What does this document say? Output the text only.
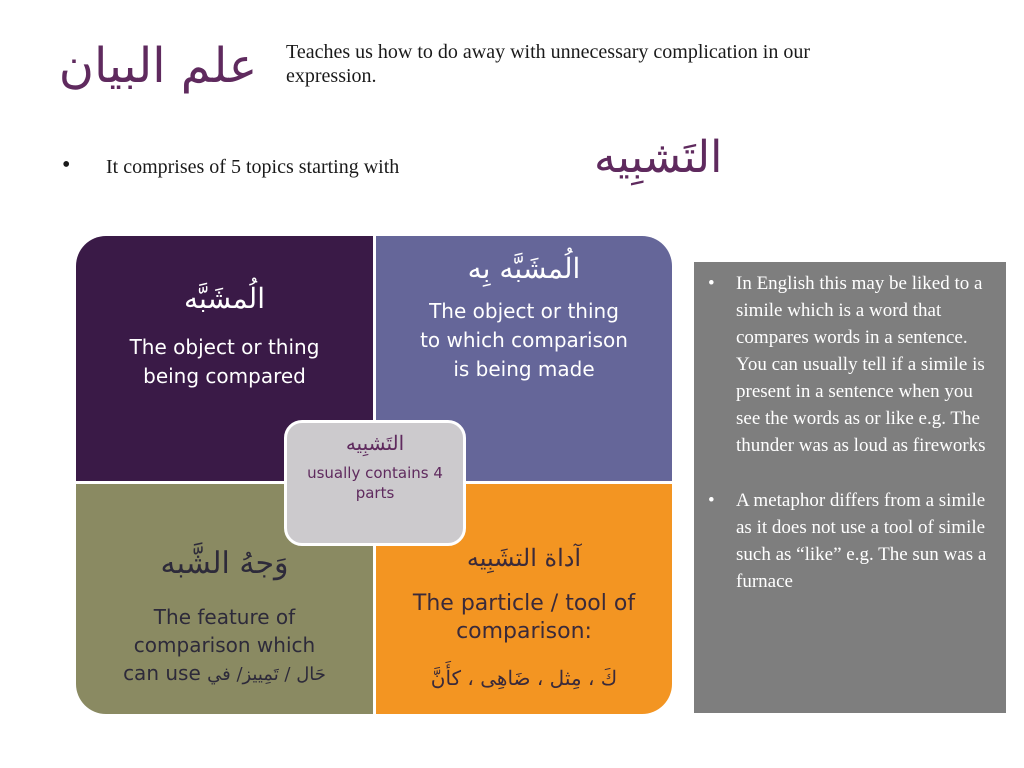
علم البيان Teaches us how to do away with unnecessary complication in our expression.
• It comprises of 5 topics starting with	التَشبِيه
الُمشَبَّه
The object or thing being compared
الُمشَبَّه بِه
The object or thing to which comparison is being made
وَجهُ الشَّبه
The feature of comparison which
can use حَال / تَمِييز/ في
آداة التشَبِيه
The particle / tool of comparison:
كَ ، مِثل ، ضَاهِى ، كأَنَّ
التَشبِيه
usually contains 4 parts
• In English this may be liked to a simile which is a word that compares words in a sentence. You can usually tell if a simile is present in a sentence when you see the words as or like e.g. The thunder was as loud as fireworks
• A metaphor differs from a simile as it does not use a tool of simile such as “like” e.g. The sun was a furnace
